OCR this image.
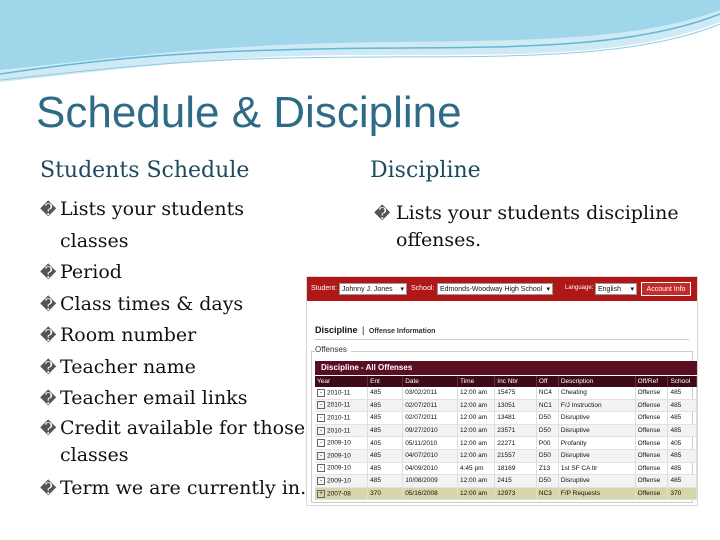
Schedule & Discipline
Students Schedule	Discipline
� Lists your students classes
� Period
� Class times & days
� Room number
� Teacher name
� Teacher email links
� Credit available for those classes
� Term we are currently in.
� Lists your students discipline offenses.
Student: Johnny J. Jones ▾	School: Edmonds-Woodway High School ▾	Language: English ▾	Account Info
Discipline | Offense Information
Offenses
Discipline - All Offenses
Year	Ent	Date	Time	Inc Nbr	Off	Description	Off/Ref	School
- 2010-11	485	03/02/2011	12:00 am	15475	NC4	Cheating	Offense	485
- 2010-11	485	02/07/2011	12:00 am	13051	NC1	F/J Instruction	Offense	485
- 2010-11	485	02/07/2011	12:00 am	13481	D50	Disruptive	Offense	485
- 2010-11	485	09/27/2010	12:00 am	23571	D50	Disruptive	Offense	485
- 2009-10	405	05/11/2010	12:00 am	22271	P00	Profanity	Offense	405
- 2009-10	485	04/07/2010	12:00 am	21557	D50	Disruptive	Offense	485
- 2009-10	485	04/09/2010	4:45 pm	18169	Z13	1st SF CA ltr	Offense	485
- 2009-10	485	10/08/2009	12:00 am	2415	D50	Disruptive	Offense	485
+ 2007-08	370	05/16/2008	12:00 am	12973	NC3	F/P Requests	Offense	370
